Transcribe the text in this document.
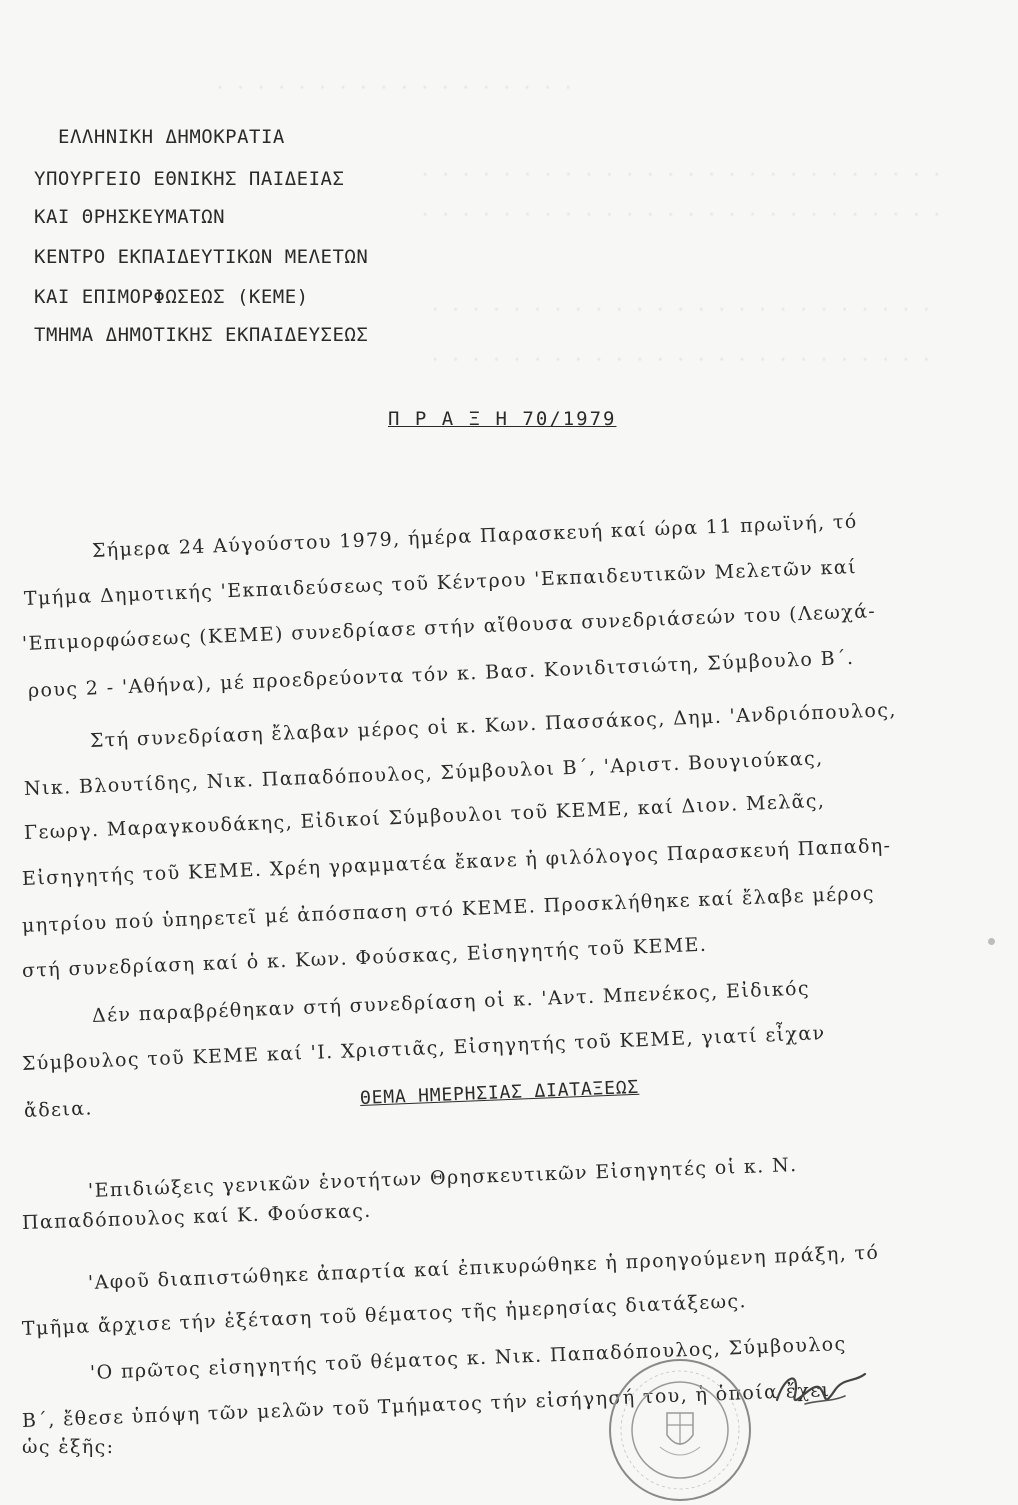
· · · · · · · · · · · · · · · · · ·
· · · · · · · · · · · · · · · · · · · · · · · · · ·
· · · · · · · · · · · · · · · · · · · · · · · · · ·
· · · · · · · · · · · · · · · · · · · · · · · · ·
· · · · · · · · · · · · · · · · · · · · · · · · ·
ΕΛΛΗΝΙΚΗ ΔΗΜΟΚΡΑΤΙΑ
ΥΠΟΥΡΓΕΙΟ ΕΘΝΙΚΗΣ ΠΑΙΔΕΙΑΣ
ΚΑΙ ΘΡΗΣΚΕΥΜΑΤΩΝ
ΚΕΝΤΡΟ ΕΚΠΑΙΔΕΥΤΙΚΩΝ ΜΕΛΕΤΩΝ
ΚΑΙ ΕΠΙΜΟΡΦΩΣΕΩΣ (ΚΕΜΕ)
ΤΜΗΜΑ ΔΗΜΟΤΙΚΗΣ ΕΚΠΑΙΔΕΥΣΕΩΣ
Π Ρ Α Ξ Η 70/1979
Σήμερα 24 Αύγούστου 1979, ήμέρα Παρασκευή καί ώρα 11 πρωϊνή, τό
Τμήμα Δημοτικής 'Εκπαιδεύσεως τοῦ Κέντρου 'Εκπαιδευτικῶν Μελετῶν καί
'Επιμορφώσεως (ΚΕΜΕ) συνεδρίασε στήν αἴθουσα συνεδριάσεών του (Λεωχά-
ρους 2 - 'Αθήνα), μέ προεδρεύοντα τόν κ. Βασ. Κονιδιτσιώτη, Σύμβουλο Β΄.
Στή συνεδρίαση ἔλαβαν μέρος οἱ κ. Κων. Πασσάκος, Δημ. 'Ανδριόπουλος,
Νικ. Βλουτίδης, Νικ. Παπαδόπουλος, Σύμβουλοι Β΄, 'Αριστ. Βουγιούκας,
Γεωργ. Μαραγκουδάκης, Εἰδικοί Σύμβουλοι τοῦ ΚΕΜΕ, καί Διον. Μελᾶς,
Εἰσηγητής τοῦ ΚΕΜΕ. Χρέη γραμματέα ἔκανε ἡ φιλόλογος Παρασκευή Παπαδη-
μητρίου πού ὑπηρετεῖ μέ ἀπόσπαση στό ΚΕΜΕ. Προσκλήθηκε καί ἔλαβε μέρος
στή συνεδρίαση καί ὁ κ. Κων. Φούσκας, Εἰσηγητής τοῦ ΚΕΜΕ.
Δέν παραβρέθηκαν στή συνεδρίαση οἱ κ. 'Αντ. Μπενέκος, Εἰδικός
Σύμβουλος τοῦ ΚΕΜΕ καί 'Ι. Χριστιᾶς, Εἰσηγητής τοῦ ΚΕΜΕ, γιατί εἶχαν
ἄδεια.
ΘΕΜΑ ΗΜΕΡΗΣΙΑΣ ΔΙΑΤΑΞΕΩΣ
'Επιδιώξεις γενικῶν ἑνοτήτων Θρησκευτικῶν Εἰσηγητές οἱ κ. Ν.
Παπαδόπουλος καί Κ. Φούσκας.
'Αφοῦ διαπιστώθηκε ἀπαρτία καί ἐπικυρώθηκε ἡ προηγούμενη πράξη, τό
Τμῆμα ἄρχισε τήν ἐξέταση τοῦ θέματος τῆς ἡμερησίας διατάξεως.
'Ο πρῶτος εἰσηγητής τοῦ θέματος κ. Νικ. Παπαδόπουλος, Σύμβουλος
Β΄, ἔθεσε ὑπόψη τῶν μελῶν τοῦ Τμήματος τήν εἰσήγησή του, ἡ ὁποία ἔχει
ὡς ἑξῆς:
